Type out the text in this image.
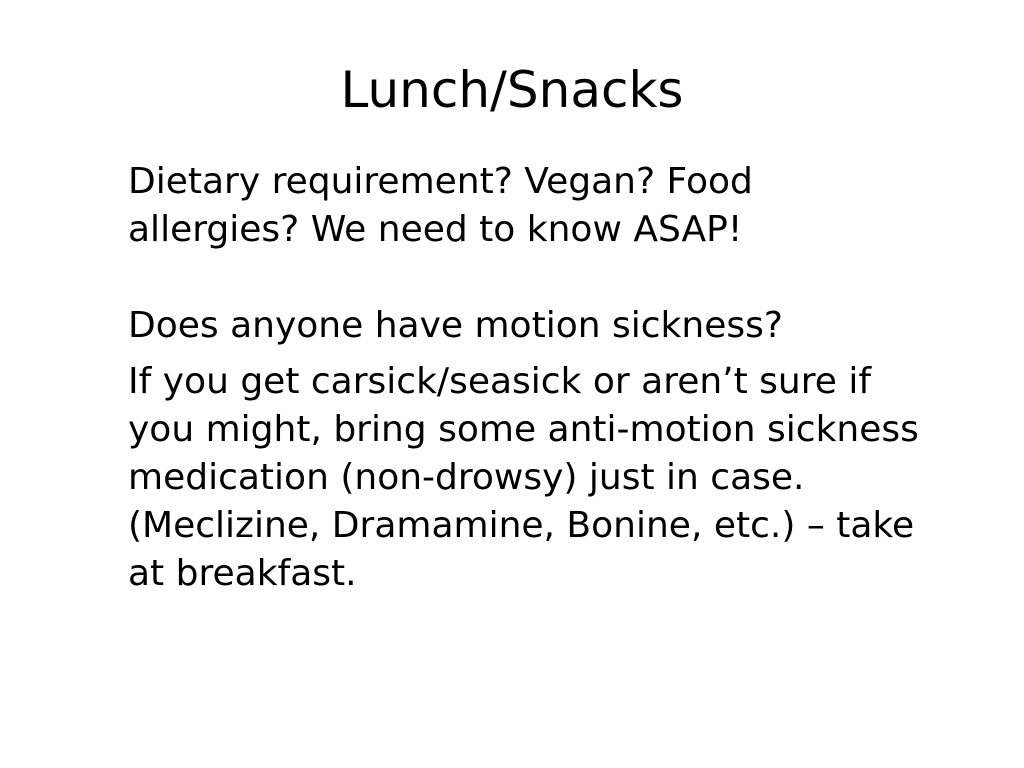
Lunch/Snacks

Dietary requirement? Vegan? Food allergies? We need to know ASAP!

Does anyone have motion sickness?

If you get carsick/seasick or aren’t sure if you might, bring some anti-motion sickness medication (non-drowsy) just in case. (Meclizine, Dramamine, Bonine, etc.) – take at breakfast.
